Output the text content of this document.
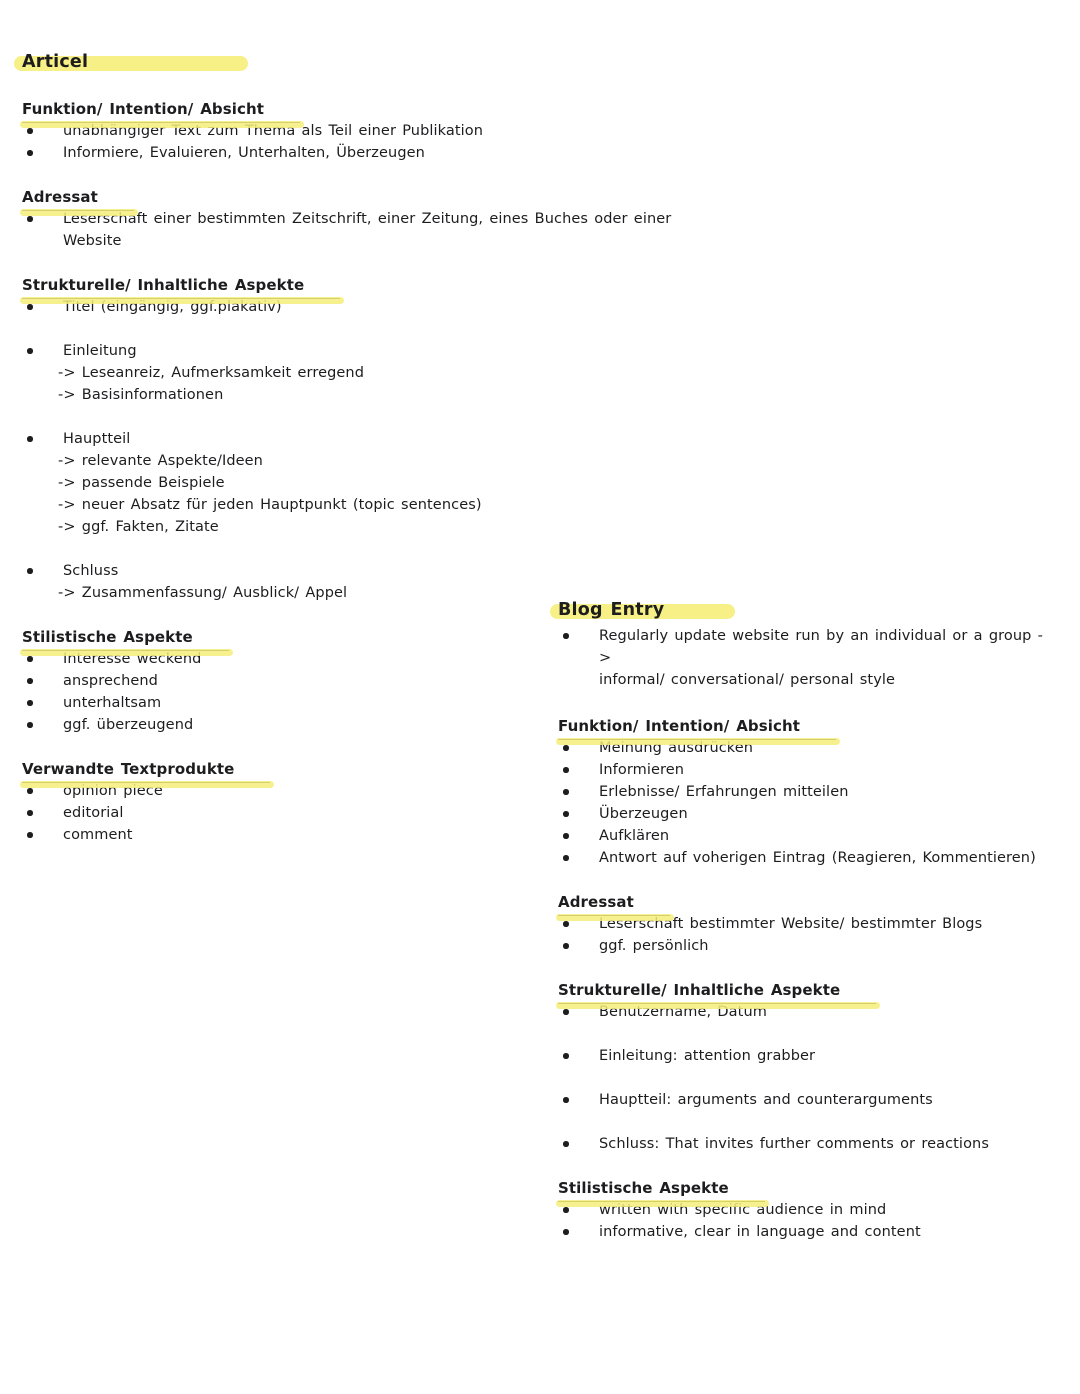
Articel
Funktion/ Intention/ Absicht
unabhängiger Text zum Thema als Teil einer Publikation
Informiere, Evaluieren, Unterhalten, Überzeugen
Adressat
Leserschaft einer bestimmten Zeitschrift, einer Zeitung, eines Buches oder einer Website
Strukturelle/ Inhaltliche Aspekte
Titel (eingängig, ggf.plakativ)
Einleitung
-> Leseanreiz, Aufmerksamkeit erregend
-> Basisinformationen
Hauptteil
-> relevante Aspekte/Ideen
-> passende Beispiele
-> neuer Absatz für jeden Hauptpunkt (topic sentences)
-> ggf. Fakten, Zitate
Schluss
-> Zusammenfassung/ Ausblick/ Appel
Stilistische Aspekte
Interesse weckend
ansprechend
unterhaltsam
ggf. überzeugend
Verwandte Textprodukte
opinion piece
editorial
comment
Blog Entry
Regularly update website run by an individual or a group ->
informal/ conversational/ personal style
Funktion/ Intention/ Absicht
Meinung ausdrücken
Informieren
Erlebnisse/ Erfahrungen mitteilen
Überzeugen
Aufklären
Antwort auf voherigen Eintrag (Reagieren, Kommentieren)
Adressat
Leserschaft bestimmter Website/ bestimmter Blogs
ggf. persönlich
Strukturelle/ Inhaltliche Aspekte
Benutzername, Datum
Einleitung: attention grabber
Hauptteil: arguments and counterarguments
Schluss: That invites further comments or reactions
Stilistische Aspekte
written with specific audience in mind
informative, clear in language and content
